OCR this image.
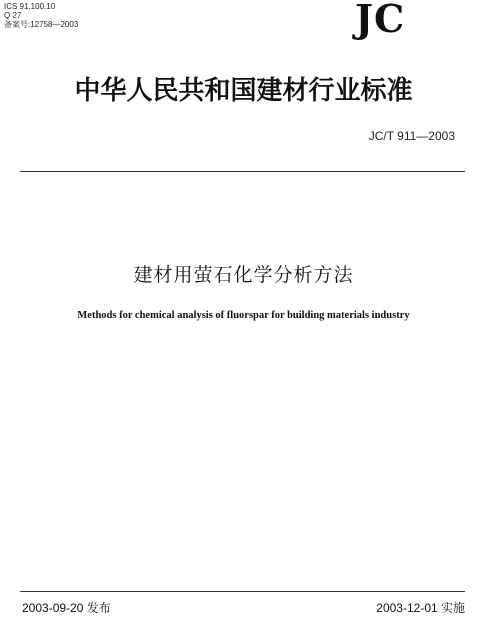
ICS 91.100.10
Q 27
备案号:12758—2003	JC
中华人民共和国建材行业标准
JC/T 911—2003
建材用萤石化学分析方法
Methods for chemical analysis of fluorspar for building materials industry
2003-09-20 发布	2003-12-01 实施
